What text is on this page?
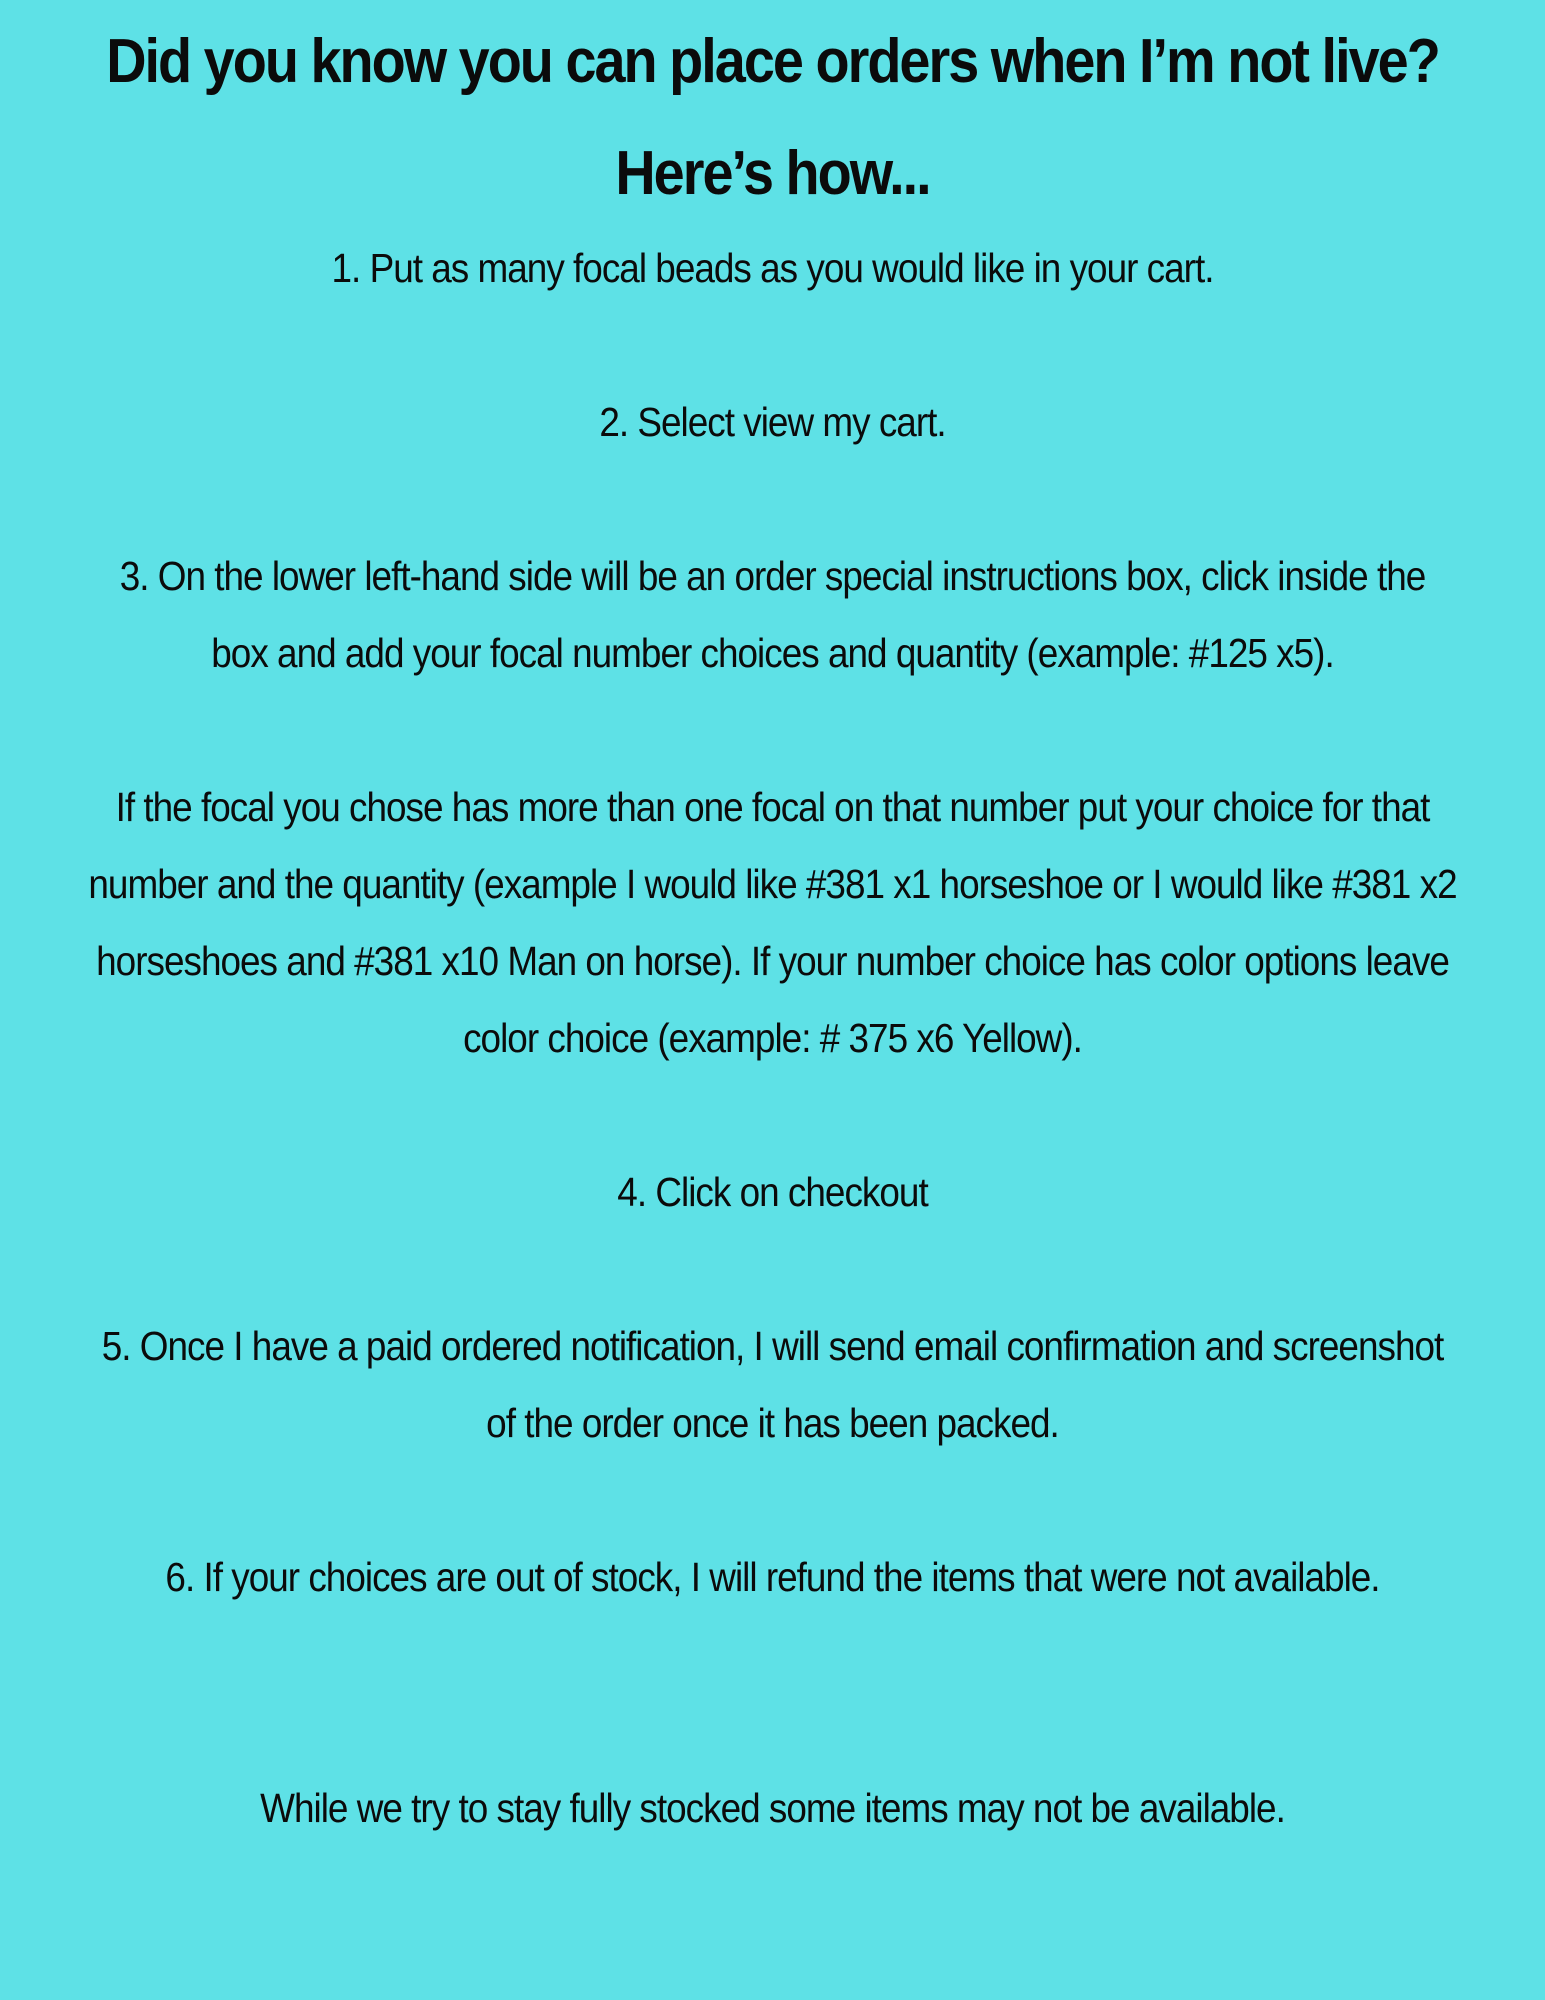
Did you know you can place orders when I’m not live?
Here’s how...

1. Put as many focal beads as you would like in your cart.

2. Select view my cart.

3. On the lower left-hand side will be an order special instructions box, click inside the
box and add your focal number choices and quantity (example: #125 x5).

If the focal you chose has more than one focal on that number put your choice for that
number and the quantity (example I would like #381 x1 horseshoe or I would like #381 x2
horseshoes and #381 x10 Man on horse). If your number choice has color options leave
color choice (example: # 375 x6 Yellow).

4. Click on checkout

5. Once I have a paid ordered notification, I will send email confirmation and screenshot
of the order once it has been packed.

6. If your choices are out of stock, I will refund the items that were not available.

While we try to stay fully stocked some items may not be available.
